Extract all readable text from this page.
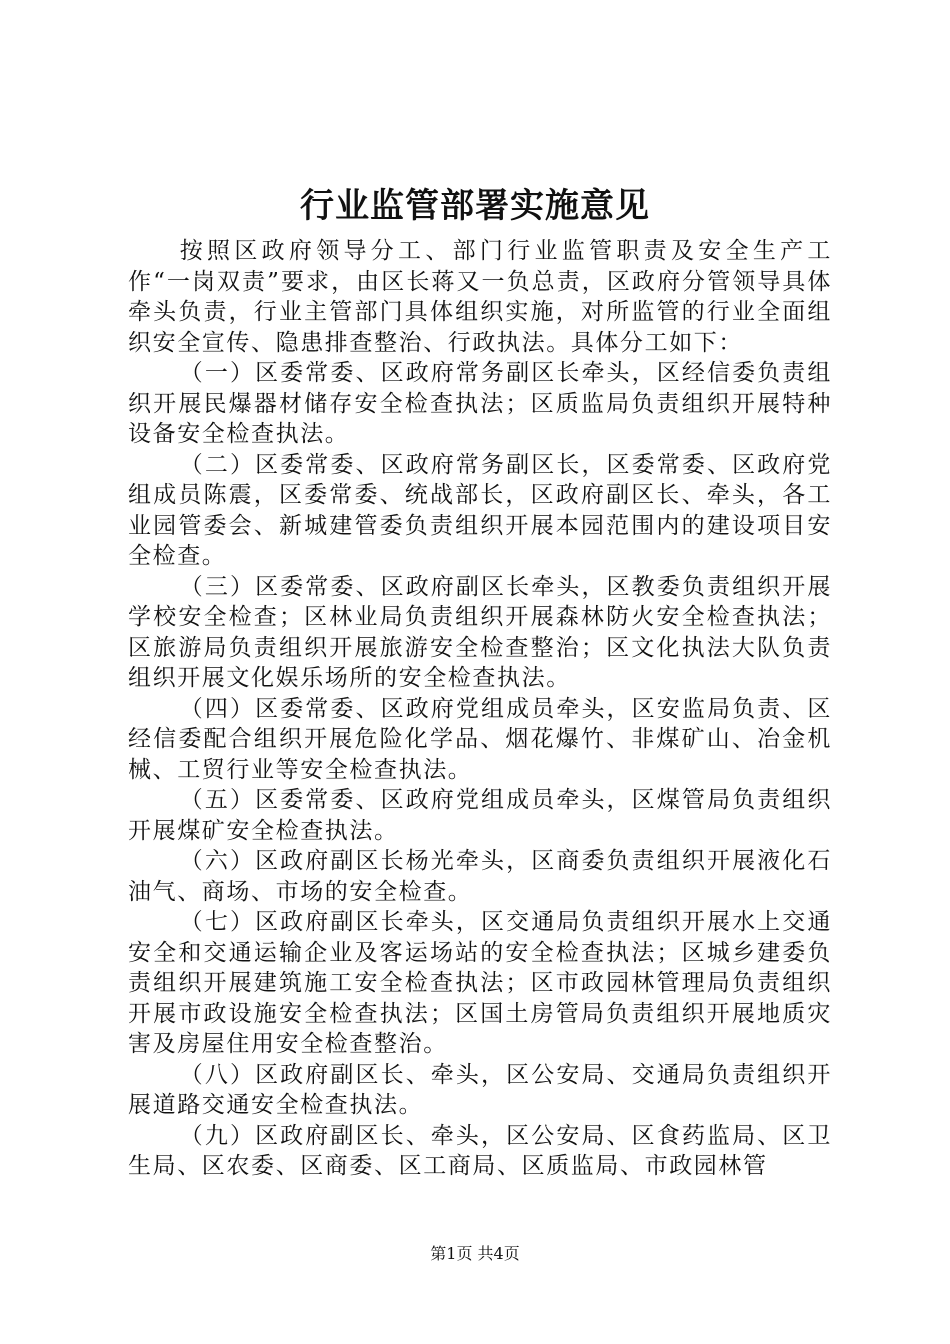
行业监管部署实施意见

按照区政府领导分工、部门行业监管职责及安全生产工作“一岗双责”要求，由区长蒋又一负总责，区政府分管领导具体牵头负责，行业主管部门具体组织实施，对所监管的行业全面组织安全宣传、隐患排查整治、行政执法。具体分工如下：

（一）区委常委、区政府常务副区长牵头，区经信委负责组织开展民爆器材储存安全检查执法；区质监局负责组织开展特种设备安全检查执法。

（二）区委常委、区政府常务副区长，区委常委、区政府党组成员陈震，区委常委、统战部长，区政府副区长、牵头，各工业园管委会、新城建管委负责组织开展本园范围内的建设项目安全检查。

（三）区委常委、区政府副区长牵头，区教委负责组织开展学校安全检查；区林业局负责组织开展森林防火安全检查执法；区旅游局负责组织开展旅游安全检查整治；区文化执法大队负责组织开展文化娱乐场所的安全检查执法。

（四）区委常委、区政府党组成员牵头，区安监局负责、区经信委配合组织开展危险化学品、烟花爆竹、非煤矿山、冶金机械、工贸行业等安全检查执法。

（五）区委常委、区政府党组成员牵头，区煤管局负责组织开展煤矿安全检查执法。

（六）区政府副区长杨光牵头，区商委负责组织开展液化石油气、商场、市场的安全检查。

（七）区政府副区长牵头，区交通局负责组织开展水上交通安全和交通运输企业及客运场站的安全检查执法；区城乡建委负责组织开展建筑施工安全检查执法；区市政园林管理局负责组织开展市政设施安全检查执法；区国土房管局负责组织开展地质灾害及房屋住用安全检查整治。

（八）区政府副区长、牵头，区公安局、交通局负责组织开展道路交通安全检查执法。

（九）区政府副区长、牵头，区公安局、区食药监局、区卫生局、区农委、区商委、区工商局、区质监局、市政园林管

第1页 共4页
